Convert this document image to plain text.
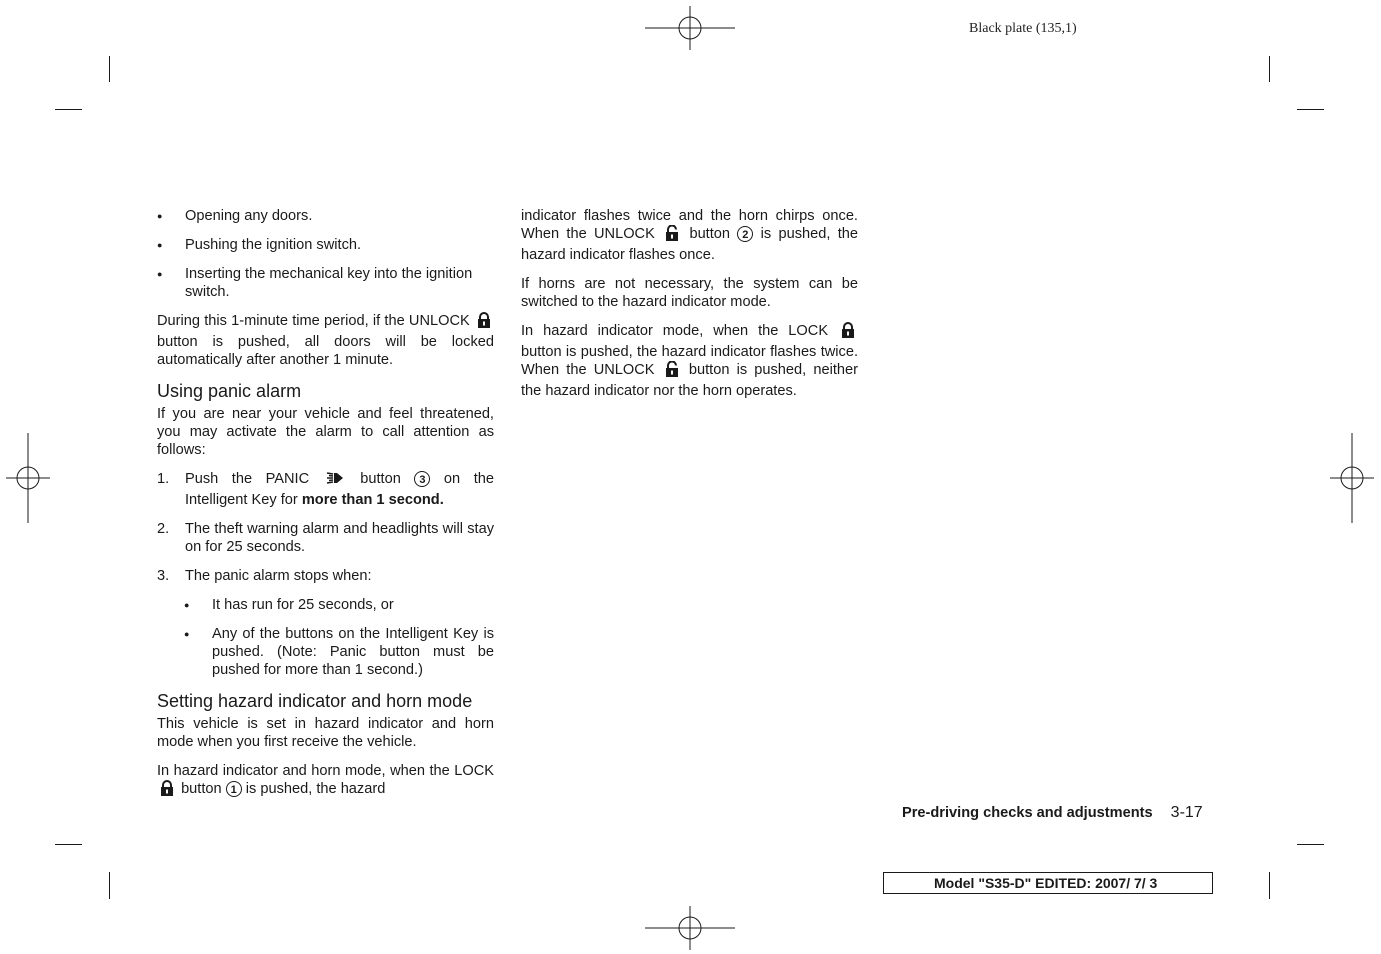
Black plate (135,1)
● Opening any doors.
● Pushing the ignition switch.
● Inserting the mechanical key into the ignition switch.

During this 1-minute time period, if the UNLOCK  button is pushed, all doors will be locked automatically after another 1 minute.

Using panic alarm

If you are near your vehicle and feel threatened, you may activate the alarm to call attention as follows:

1. Push the PANIC	button 3 on the Intelligent Key for more than 1 second.
2. The theft warning alarm and headlights will stay on for 25 seconds.
3. The panic alarm stops when:
● It has run for 25 seconds, or
● Any of the buttons on the Intelligent Key is pushed. (Note: Panic button must be pushed for more than 1 second.)
Setting hazard indicator and horn mode

This vehicle is set in hazard indicator and horn mode when you first receive the vehicle.

In hazard indicator and horn mode, when the LOCK  button 1 is pushed, the hazard

indicator flashes twice and the horn chirps once. When the UNLOCK button 2 is pushed, the hazard indicator flashes once.

If horns are not necessary, the system can be switched to the hazard indicator mode.

In hazard indicator mode, when the LOCK  button is pushed, the hazard indicator flashes twice. When the UNLOCK button is pushed, neither the hazard indicator nor the horn operates.

Pre-driving checks and adjustments 3-17
Model "S35-D" EDITED: 2007/ 7/ 3
